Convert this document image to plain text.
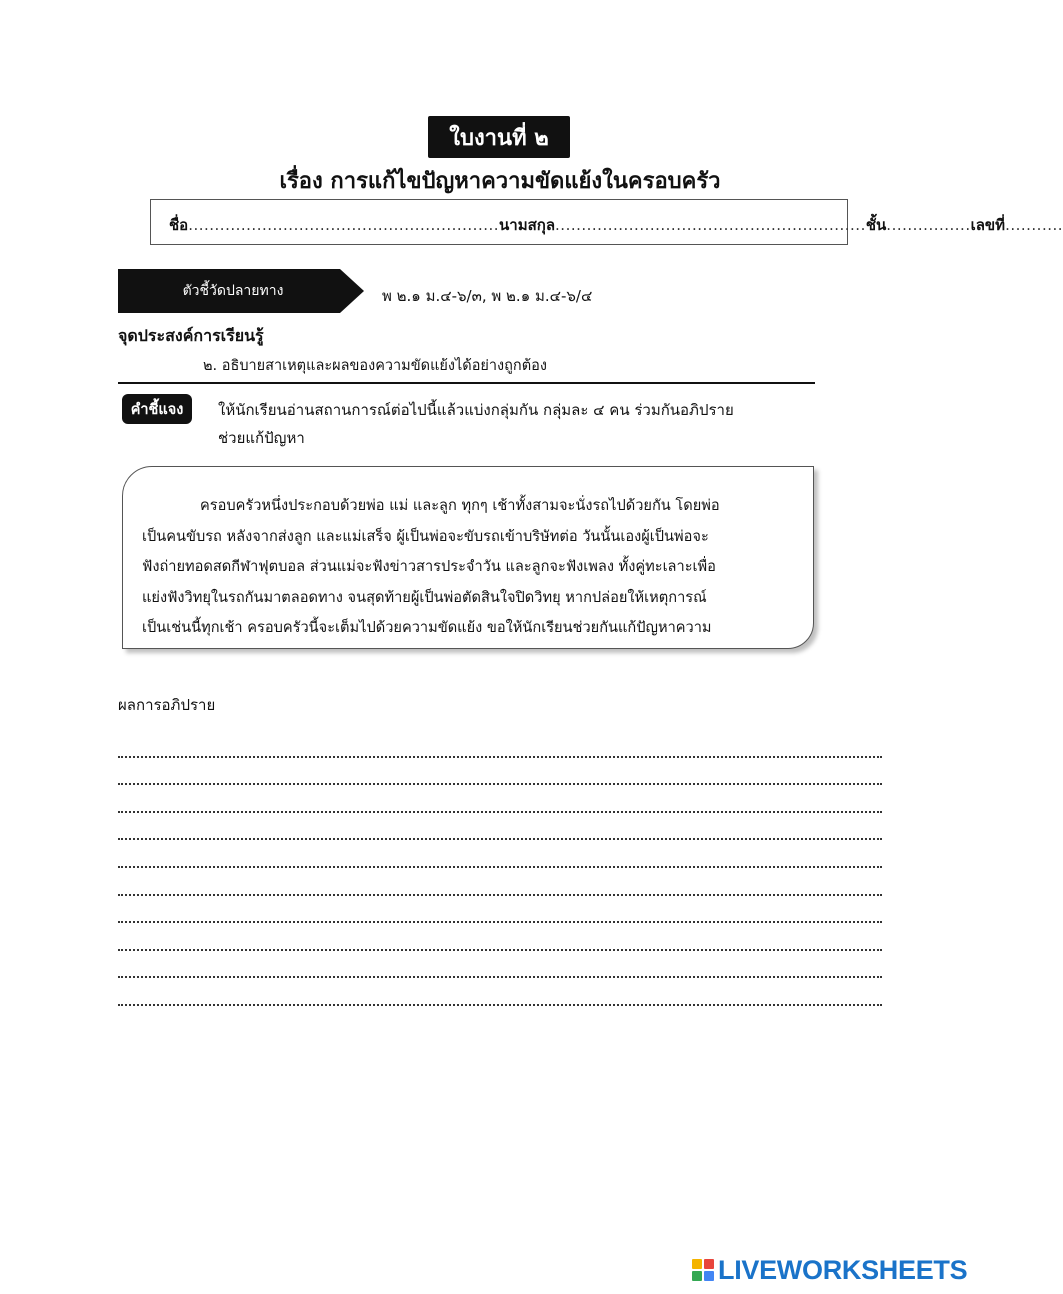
ใบงานที่ ๒
เรื่อง การแก้ไขปัญหาความขัดแย้งในครอบครัว
ชื่อ ........................................................... นามสกุล ........................................................... ชั้น ................ เลขที่ ...........
ตัวชี้วัดปลายทาง	พ ๒.๑ ม.๔-๖/๓, พ ๒.๑ ม.๔-๖/๔
จุดประสงค์การเรียนรู้
๒. อธิบายสาเหตุและผลของความขัดแย้งได้อย่างถูกต้อง
คำชี้แจง	ให้นักเรียนอ่านสถานการณ์ต่อไปนี้แล้วแบ่งกลุ่มกัน กลุ่มละ ๔ คน ร่วมกันอภิปราย
ช่วยแก้ปัญหา
ครอบครัวหนึ่งประกอบด้วยพ่อ แม่ และลูก ทุกๆ เช้าทั้งสามจะนั่งรถไปด้วยกัน โดยพ่อ
เป็นคนขับรถ หลังจากส่งลูก และแม่เสร็จ ผู้เป็นพ่อจะขับรถเข้าบริษัทต่อ วันนั้นเองผู้เป็นพ่อจะ
ฟังถ่ายทอดสดกีฬาฟุตบอล ส่วนแม่จะฟังข่าวสารประจำวัน และลูกจะฟังเพลง ทั้งคู่ทะเลาะเพื่อ
แย่งฟังวิทยุในรถกันมาตลอดทาง จนสุดท้ายผู้เป็นพ่อตัดสินใจปิดวิทยุ หากปล่อยให้เหตุการณ์
เป็นเช่นนี้ทุกเช้า ครอบครัวนี้จะเต็มไปด้วยความขัดแย้ง ขอให้นักเรียนช่วยกันแก้ปัญหาความ
ผลการอภิปราย
LIVEWORKSHEETS
